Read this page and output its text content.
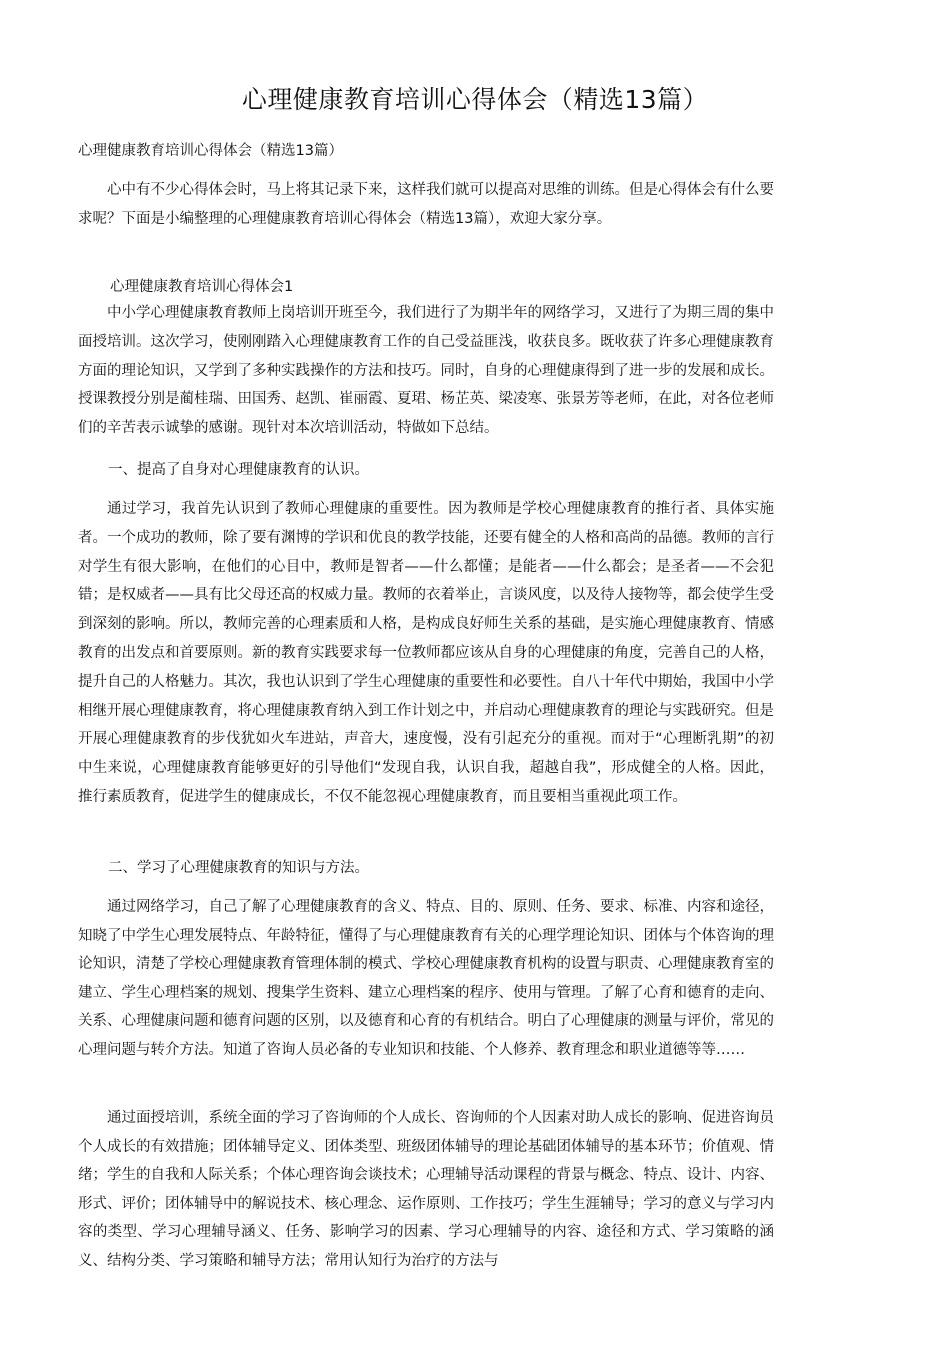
心理健康教育培训心得体会（精选13篇）
心理健康教育培训心得体会（精选13篇）

心中有不少心得体会时，马上将其记录下来，这样我们就可以提高对思维的训练。但是心得体会有什么要求呢？下面是小编整理的心理健康教育培训心得体会（精选13篇），欢迎大家分享。

心理健康教育培训心得体会1

中小学心理健康教育教师上岗培训开班至今，我们进行了为期半年的网络学习，又进行了为期三周的集中面授培训。这次学习，使刚刚踏入心理健康教育工作的自己受益匪浅，收获良多。既收获了许多心理健康教育方面的理论知识，又学到了多种实践操作的方法和技巧。同时，自身的心理健康得到了进一步的发展和成长。授课教授分别是蔺桂瑞、田国秀、赵凯、崔丽霞、夏珺、杨芷英、梁凌寒、张景芳等老师，在此，对各位老师们的辛苦表示诚挚的感谢。现针对本次培训活动，特做如下总结。

一、提高了自身对心理健康教育的认识。

通过学习，我首先认识到了教师心理健康的重要性。因为教师是学校心理健康教育的推行者、具体实施者。一个成功的教师，除了要有渊博的学识和优良的教学技能，还要有健全的人格和高尚的品德。教师的言行对学生有很大影响，在他们的心目中，教师是智者——什么都懂；是能者——什么都会；是圣者——不会犯错；是权威者——具有比父母还高的权威力量。教师的衣着举止，言谈风度，以及待人接物等，都会使学生受到深刻的影响。所以，教师完善的心理素质和人格，是构成良好师生关系的基础，是实施心理健康教育、情感教育的出发点和首要原则。新的教育实践要求每一位教师都应该从自身的心理健康的角度，完善自己的人格，提升自己的人格魅力。其次，我也认识到了学生心理健康的重要性和必要性。自八十年代中期始，我国中小学相继开展心理健康教育，将心理健康教育纳入到工作计划之中，并启动心理健康教育的理论与实践研究。但是开展心理健康教育的步伐犹如火车进站，声音大，速度慢，没有引起充分的重视。而对于“心理断乳期”的初中生来说，心理健康教育能够更好的引导他们“发现自我，认识自我，超越自我”，形成健全的人格。因此，推行素质教育，促进学生的健康成长，不仅不能忽视心理健康教育，而且要相当重视此项工作。

二、学习了心理健康教育的知识与方法。

通过网络学习，自己了解了心理健康教育的含义、特点、目的、原则、任务、要求、标准、内容和途径，知晓了中学生心理发展特点、年龄特征，懂得了与心理健康教育有关的心理学理论知识、团体与个体咨询的理论知识，清楚了学校心理健康教育管理体制的模式、学校心理健康教育机构的设置与职责、心理健康教育室的建立、学生心理档案的规划、搜集学生资料、建立心理档案的程序、使用与管理。了解了心育和德育的走向、关系、心理健康问题和德育问题的区别，以及德育和心育的有机结合。明白了心理健康的测量与评价，常见的心理问题与转介方法。知道了咨询人员必备的专业知识和技能、个人修养、教育理念和职业道德等等……

通过面授培训，系统全面的学习了咨询师的个人成长、咨询师的个人因素对助人成长的影响、促进咨询员个人成长的有效措施；团体辅导定义、团体类型、班级团体辅导的理论基础团体辅导的基本环节；价值观、情绪；学生的自我和人际关系；个体心理咨询会谈技术；心理辅导活动课程的背景与概念、特点、设计、内容、形式、评价；团体辅导中的解说技术、核心理念、运作原则、工作技巧；学生生涯辅导；学习的意义与学习内容的类型、学习心理辅导涵义、任务、影响学习的因素、学习心理辅导的内容、途径和方式、学习策略的涵义、结构分类、学习策略和辅导方法；常用认知行为治疗的方法与
